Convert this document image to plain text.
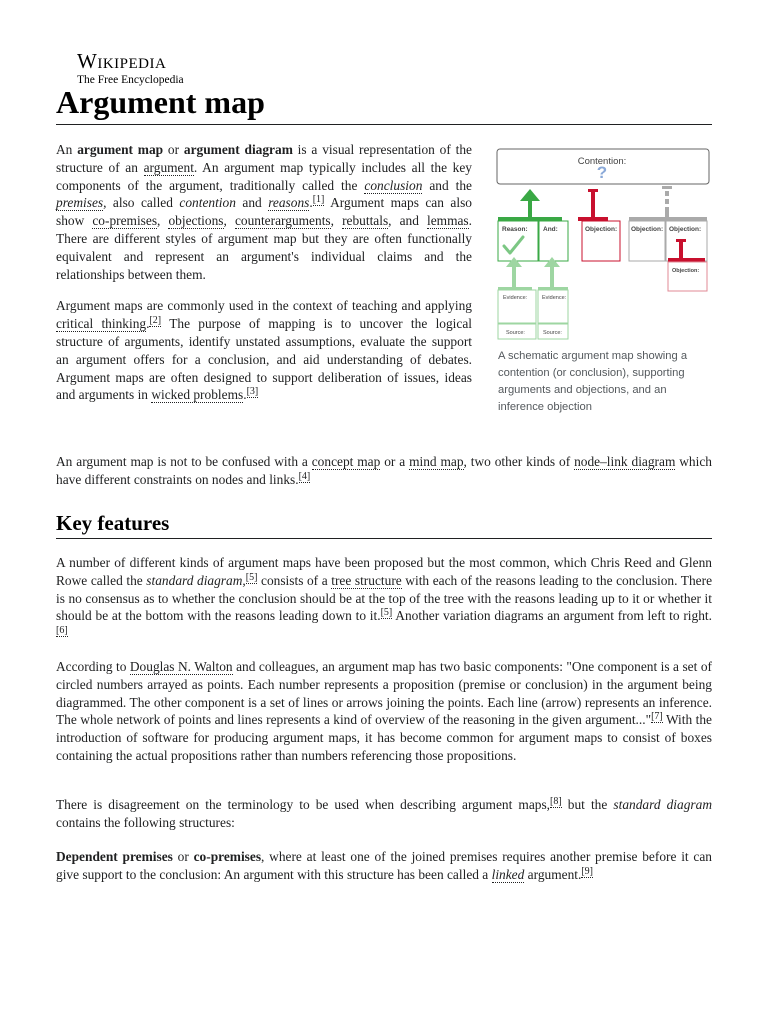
Wikipedia
The Free Encyclopedia
Argument map

An argument map or argument diagram is a visual representation of the structure of an argument. An argument map typically includes all the key components of the argument, traditionally called the conclusion and the premises, also called contention and reasons.[1] Argument maps can also show co-premises, objections, counterarguments, rebuttals, and lemmas. There are different styles of argument map but they are often functionally equivalent and represent an argument's individual claims and the relationships between them.

Argument maps are commonly used in the context of teaching and applying critical thinking.[2] The purpose of mapping is to uncover the logical structure of arguments, identify unstated assumptions, evaluate the support an argument offers for a conclusion, and aid understanding of debates. Argument maps are often designed to support deliberation of issues, ideas and arguments in wicked problems.[3]

An argument map is not to be confused with a concept map or a mind map, two other kinds of node–link diagram which have different constraints on nodes and links.[4]

Contention:
?
Reason: And:	Objection: Objection: Objection:
Objection:
Evidence:	Evidence:
Source:	Source:
A schematic argument map showing a contention (or conclusion), supporting arguments and objections, and an inference objection
Key features

A number of different kinds of argument maps have been proposed but the most common, which Chris Reed and Glenn Rowe called the standard diagram,[5] consists of a tree structure with each of the reasons leading to the conclusion. There is no consensus as to whether the conclusion should be at the top of the tree with the reasons leading up to it or whether it should be at the bottom with the reasons leading down to it.[5] Another variation diagrams an argument from left to right.[6]

According to Douglas N. Walton and colleagues, an argument map has two basic components: "One component is a set of circled numbers arrayed as points. Each number represents a proposition (premise or conclusion) in the argument being diagrammed. The other component is a set of lines or arrows joining the points. Each line (arrow) represents an inference. The whole network of points and lines represents a kind of overview of the reasoning in the given argument..."[7] With the introduction of software for producing argument maps, it has become common for argument maps to consist of boxes containing the actual propositions rather than numbers referencing those propositions.

There is disagreement on the terminology to be used when describing argument maps,[8] but the standard diagram contains the following structures:

Dependent premises or co-premises, where at least one of the joined premises requires another premise before it can give support to the conclusion: An argument with this structure has been called a linked argument.[9]
